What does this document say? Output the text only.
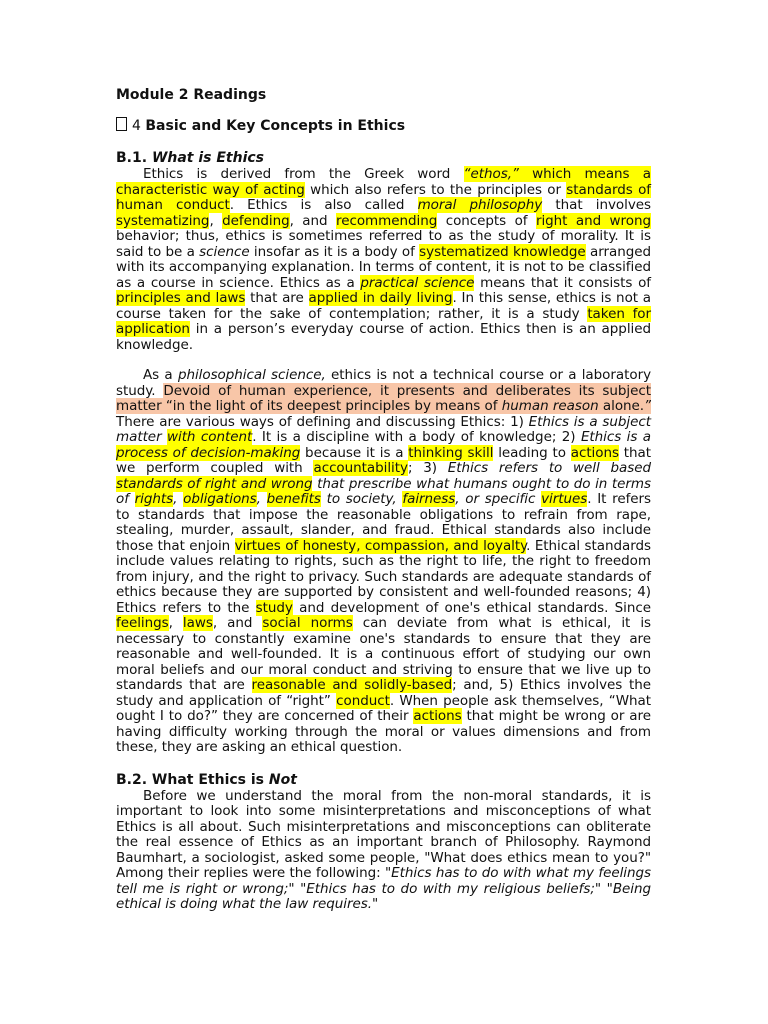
Module 2 Readings
4 Basic and Key Concepts in Ethics
B.1. What is Ethics

Ethics is derived from the Greek word “ethos,” which means a characteristic way of acting which also refers to the principles or standards of human conduct. Ethics is also called moral philosophy that involves systematizing, defending, and recommending concepts of right and wrong behavior; thus, ethics is sometimes referred to as the study of morality. It is said to be a science insofar as it is a body of systematized knowledge arranged with its accompanying explanation. In terms of content, it is not to be classified as a course in science. Ethics as a practical science means that it consists of principles and laws that are applied in daily living. In this sense, ethics is not a course taken for the sake of contemplation; rather, it is a study taken for application in a person’s everyday course of action. Ethics then is an applied knowledge.

As a philosophical science, ethics is not a technical course or a laboratory study. Devoid of human experience, it presents and deliberates its subject matter “in the light of its deepest principles by means of human reason alone.” There are various ways of defining and discussing Ethics: 1) Ethics is a subject matter with content. It is a discipline with a body of knowledge; 2) Ethics is a process of decision-making because it is a thinking skill leading to actions that we perform coupled with accountability; 3) Ethics refers to well based standards of right and wrong that prescribe what humans ought to do in terms of rights, obligations, benefits to society, fairness, or specific virtues. It refers to standards that impose the reasonable obligations to refrain from rape, stealing, murder, assault, slander, and fraud. Ethical standards also include those that enjoin virtues of honesty, compassion, and loyalty. Ethical standards include values relating to rights, such as the right to life, the right to freedom from injury, and the right to privacy. Such standards are adequate standards of ethics because they are supported by consistent and well-founded reasons; 4) Ethics refers to the study and development of one's ethical standards. Since feelings, laws, and social norms can deviate from what is ethical, it is necessary to constantly examine one's standards to ensure that they are reasonable and well-founded. It is a continuous effort of studying our own moral beliefs and our moral conduct and striving to ensure that we live up to standards that are reasonable and solidly-based; and, 5) Ethics involves the study and application of “right” conduct. When people ask themselves, “What ought I to do?” they are concerned of their actions that might be wrong or are having difficulty working through the moral or values dimensions and from these, they are asking an ethical question.

B.2. What Ethics is Not

Before we understand the moral from the non-moral standards, it is important to look into some misinterpretations and misconceptions of what Ethics is all about. Such misinterpretations and misconceptions can obliterate the real essence of Ethics as an important branch of Philosophy. Raymond Baumhart, a sociologist, asked some people, "What does ethics mean to you?" Among their replies were the following: "Ethics has to do with what my feelings tell me is right or wrong;" "Ethics has to do with my religious beliefs;" "Being ethical is doing what the law requires."
